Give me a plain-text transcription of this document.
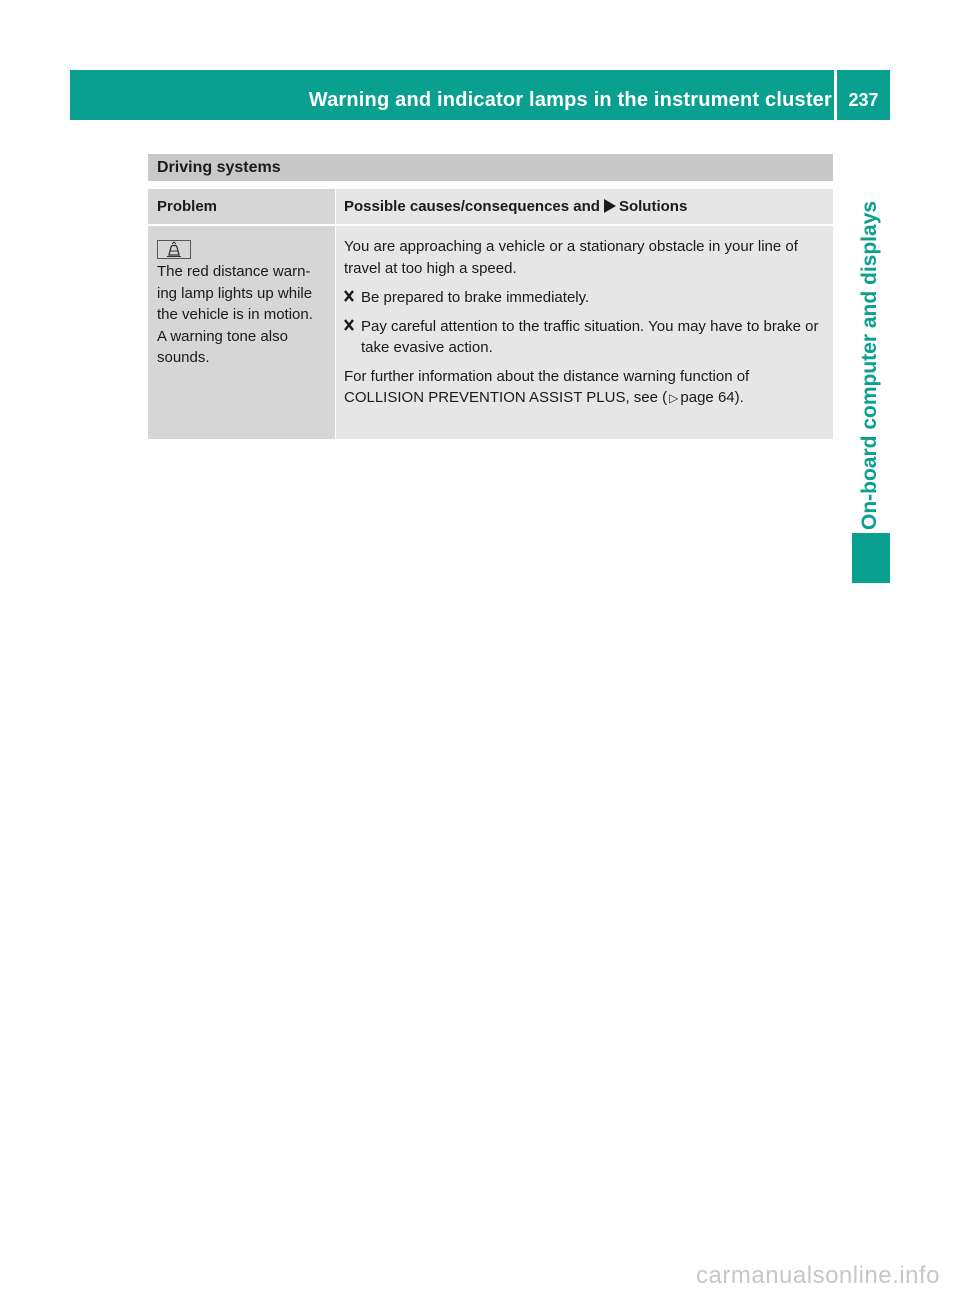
Warning and indicator lamps in the instrument cluster 237
On-board computer and displays
Driving systems
Problem	Possible causes/consequences and Solutions
The red distance warn-
ing lamp lights up while
the vehicle is in motion.
A warning tone also
sounds.

You are approaching a vehicle or a stationary obstacle in your line of travel at too high a speed.

Be prepared to brake immediately.
Pay careful attention to the traffic situation. You may have to brake or take evasive action.

For further information about the distance warning function of COLLISION PREVENTION ASSIST PLUS, see ( ▷ page 64).

carmanualsonline.info
